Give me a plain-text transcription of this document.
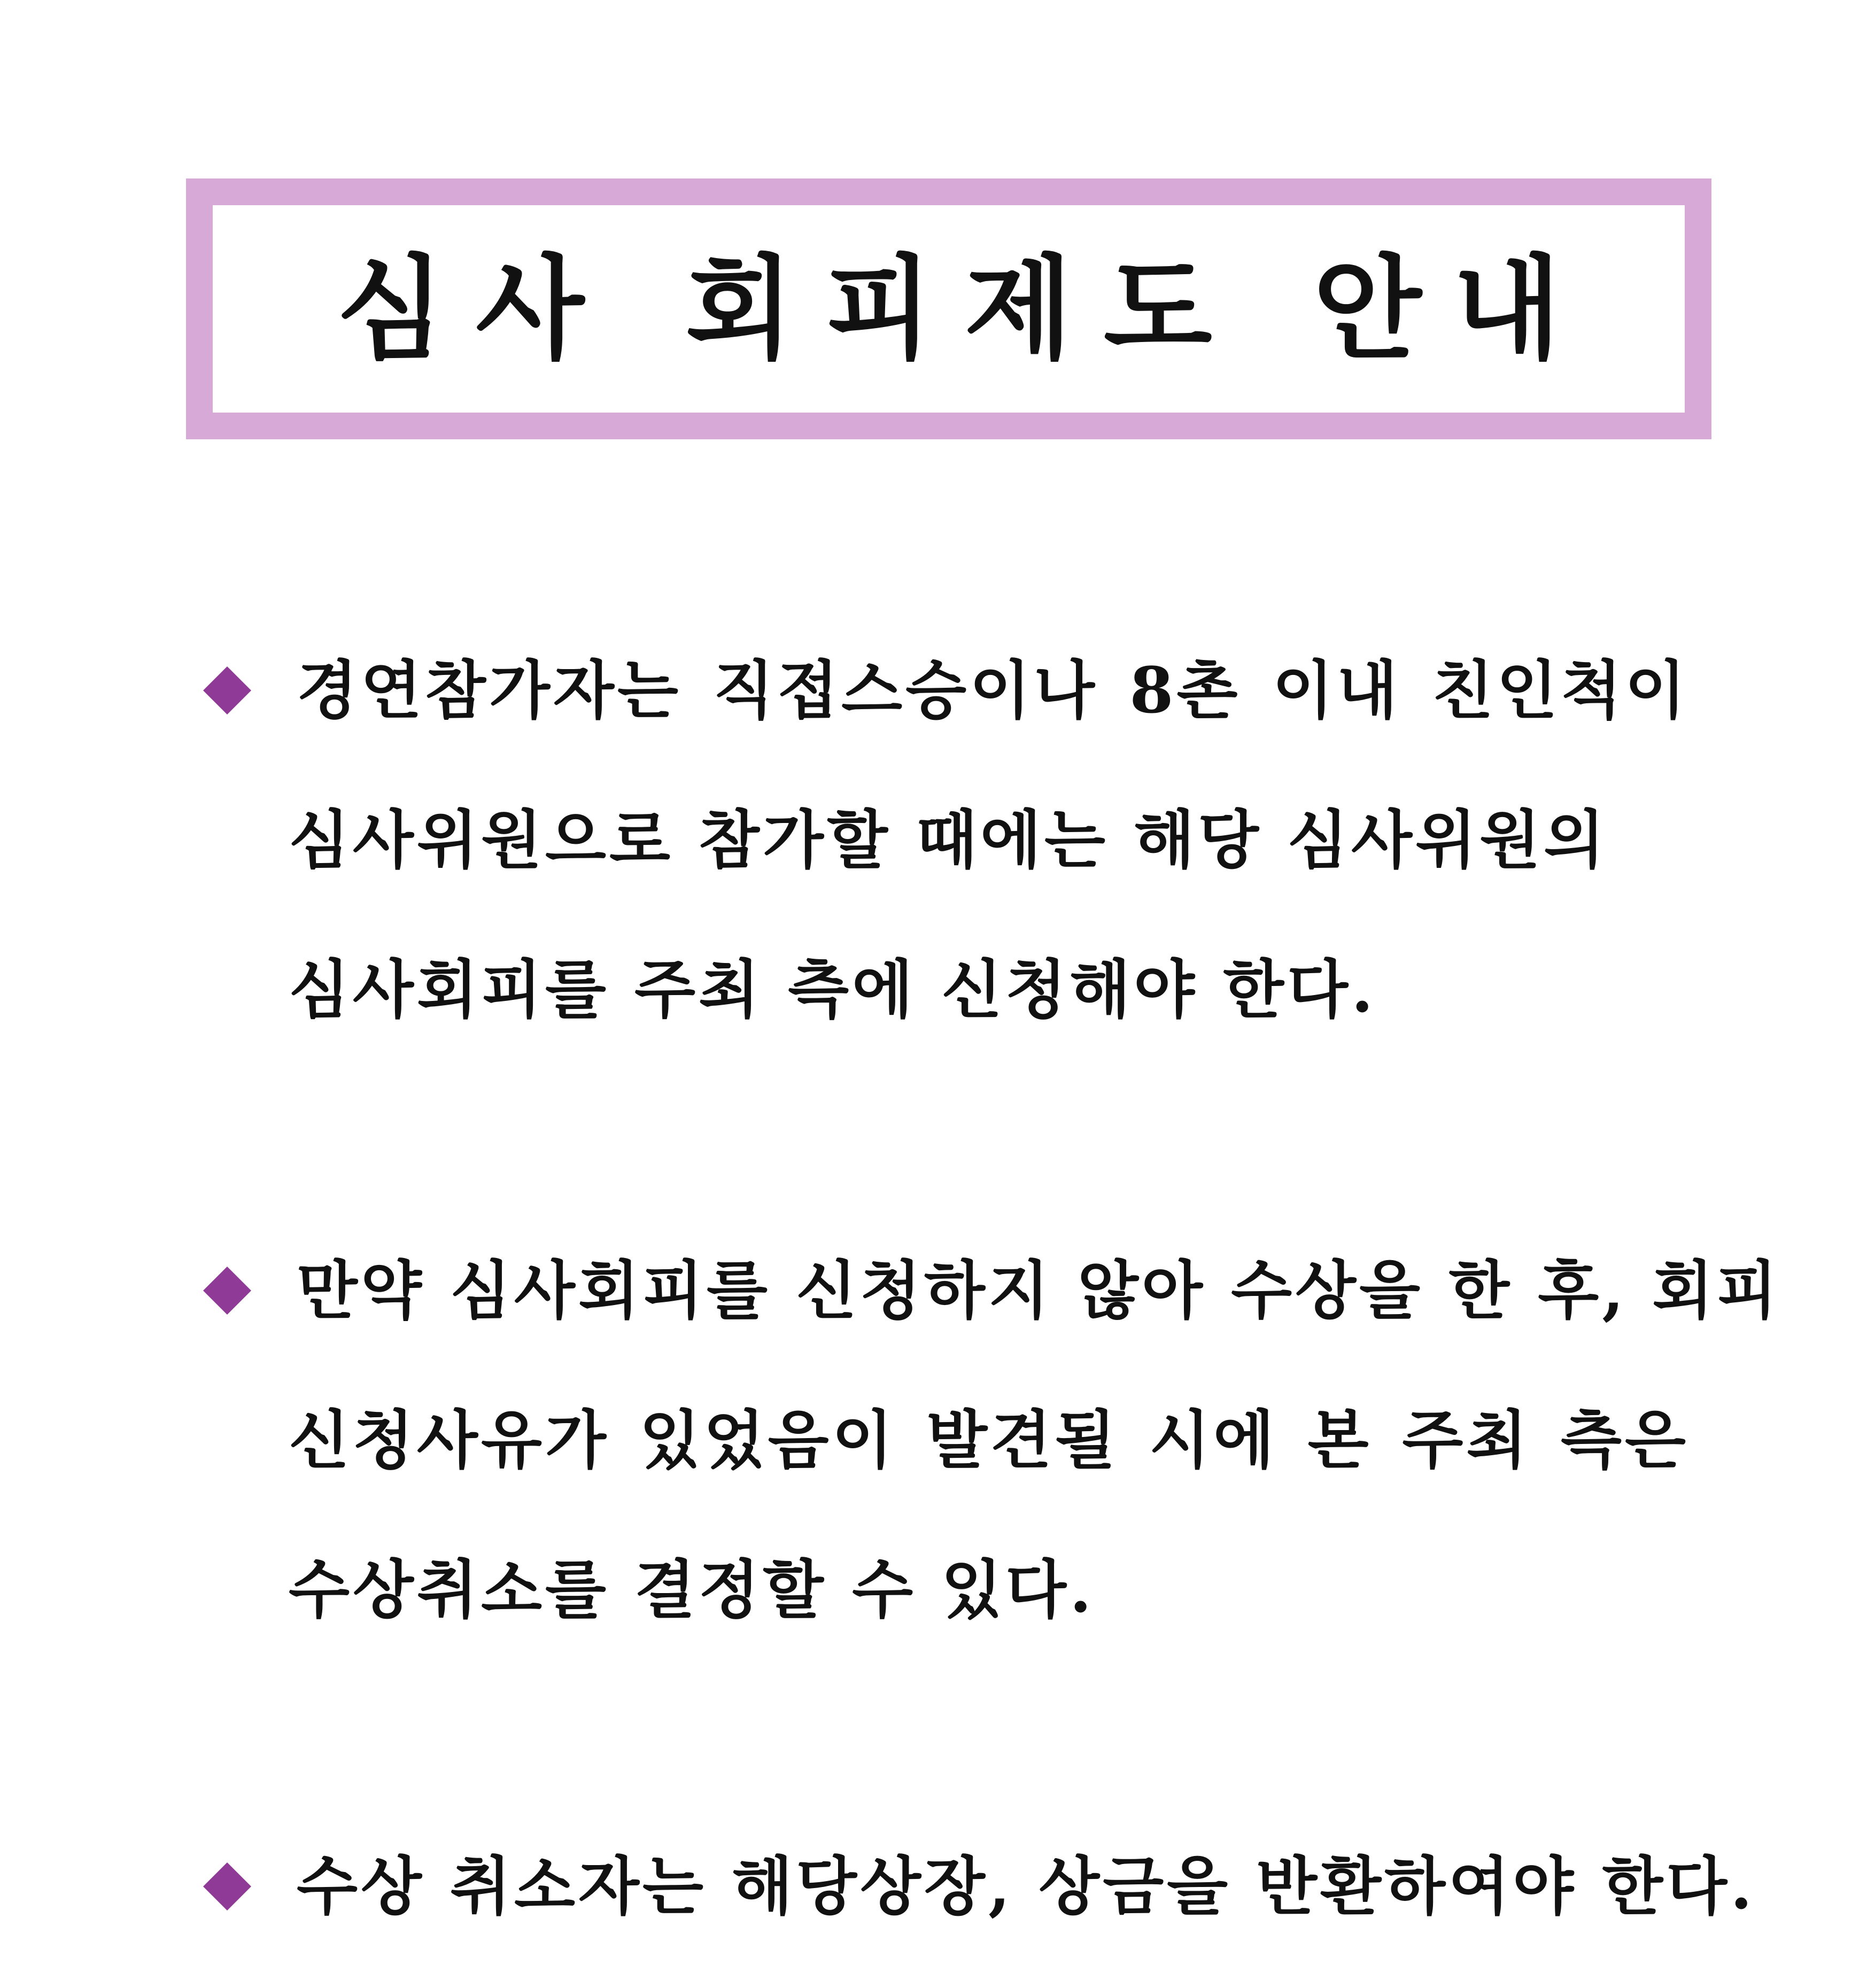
심사 회피제도 안내
경연참가자는 직접스승이나 8촌 이내 친인척이
심사위원으로 참가할 때에는 해당 심사위원의
심사회피를 주최 측에 신청해야 한다.
만약 심사회피를 신청하지 않아 수상을 한 후, 회피
신청사유가 있었음이 발견될 시에 본 주최 측은
수상취소를 결정할 수 있다.
수상 취소자는 해당상장, 상금을 반환하여야 한다.
